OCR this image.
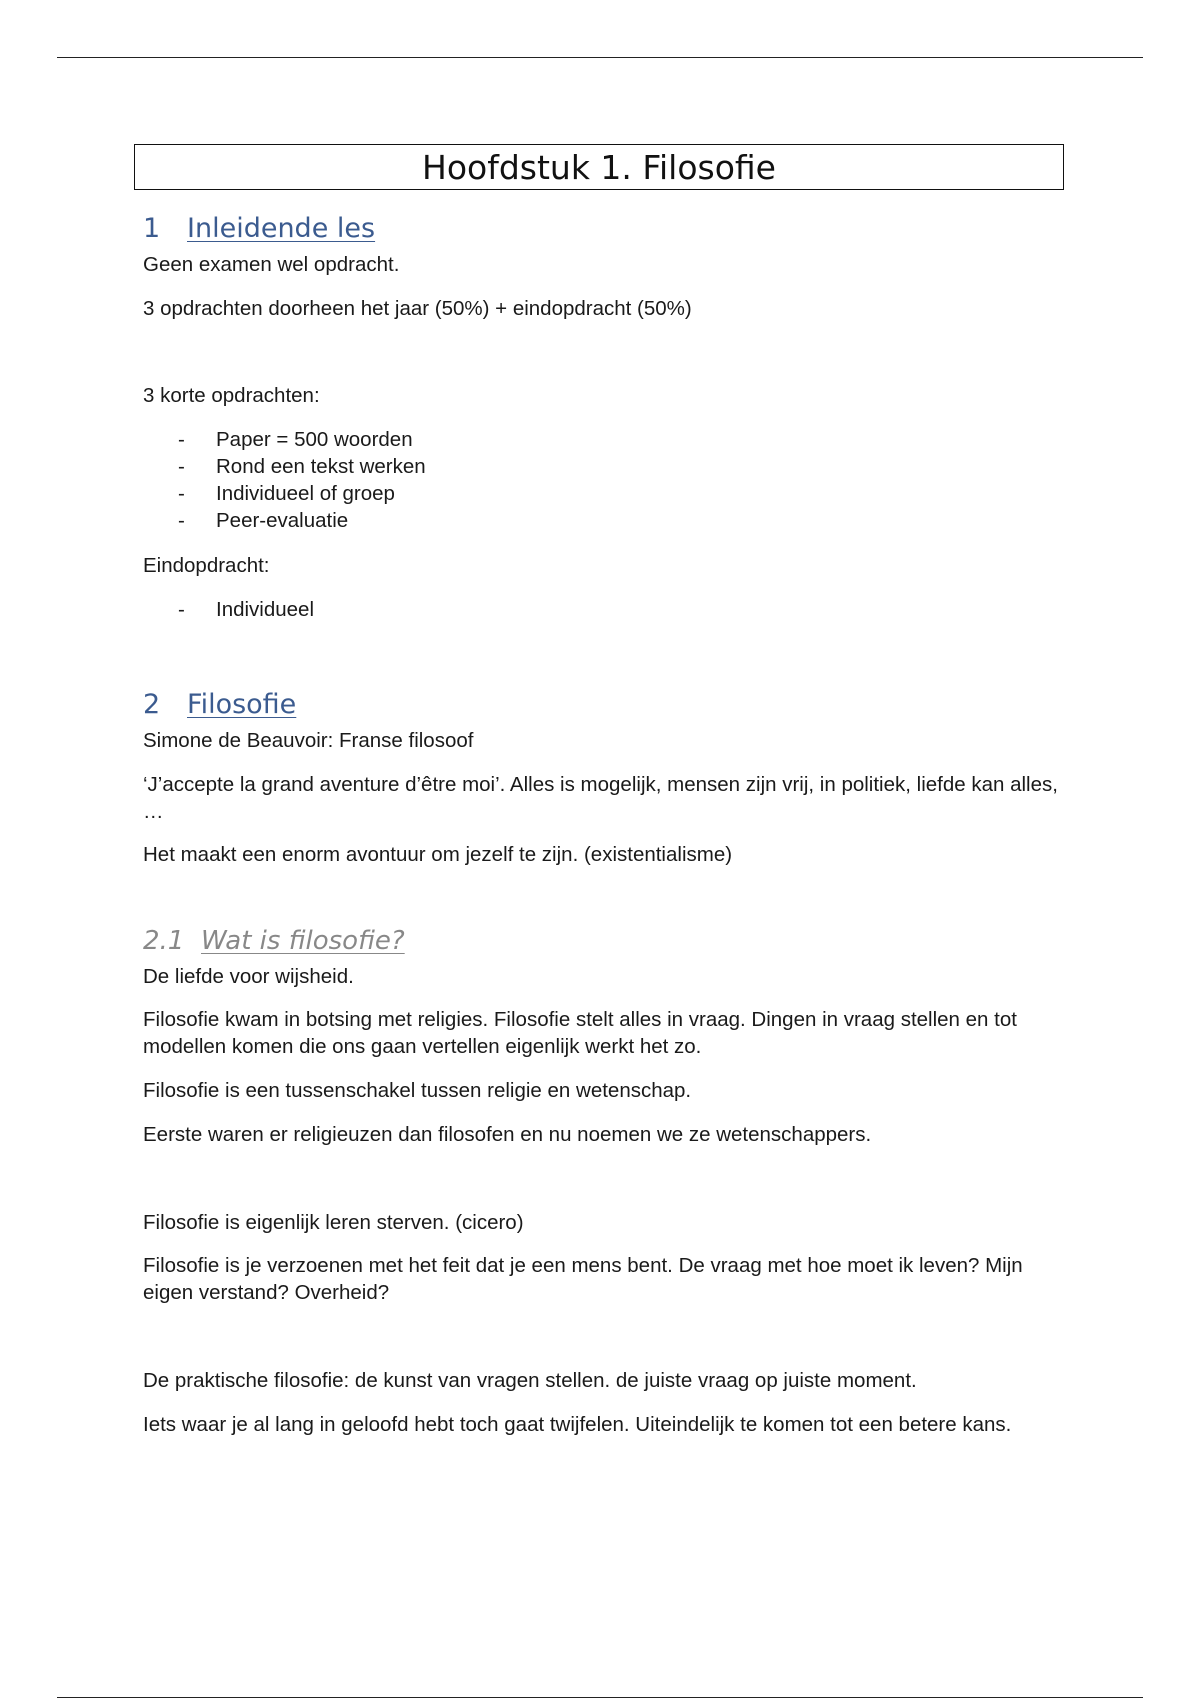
Hoofdstuk 1. Filosofie
1 Inleidende les
Geen examen wel opdracht.
3 opdrachten doorheen het jaar (50%) + eindopdracht (50%)
3 korte opdrachten:
- Paper = 500 woorden
- Rond een tekst werken
- Individueel of groep
- Peer-evaluatie
Eindopdracht:
- Individueel
2 Filosofie
Simone de Beauvoir: Franse filosoof
‘J’accepte la grand aventure d’être moi’. Alles is mogelijk, mensen zijn vrij, in politiek, liefde kan alles, …
Het maakt een enorm avontuur om jezelf te zijn. (existentialisme)
2.1 Wat is filosofie?
De liefde voor wijsheid.
Filosofie kwam in botsing met religies. Filosofie stelt alles in vraag. Dingen in vraag stellen en tot modellen komen die ons gaan vertellen eigenlijk werkt het zo.
Filosofie is een tussenschakel tussen religie en wetenschap.
Eerste waren er religieuzen dan filosofen en nu noemen we ze wetenschappers.
Filosofie is eigenlijk leren sterven. (cicero)
Filosofie is je verzoenen met het feit dat je een mens bent. De vraag met hoe moet ik leven? Mijn eigen verstand? Overheid?
De praktische filosofie: de kunst van vragen stellen. de juiste vraag op juiste moment.
Iets waar je al lang in geloofd hebt toch gaat twijfelen. Uiteindelijk te komen tot een betere kans.
